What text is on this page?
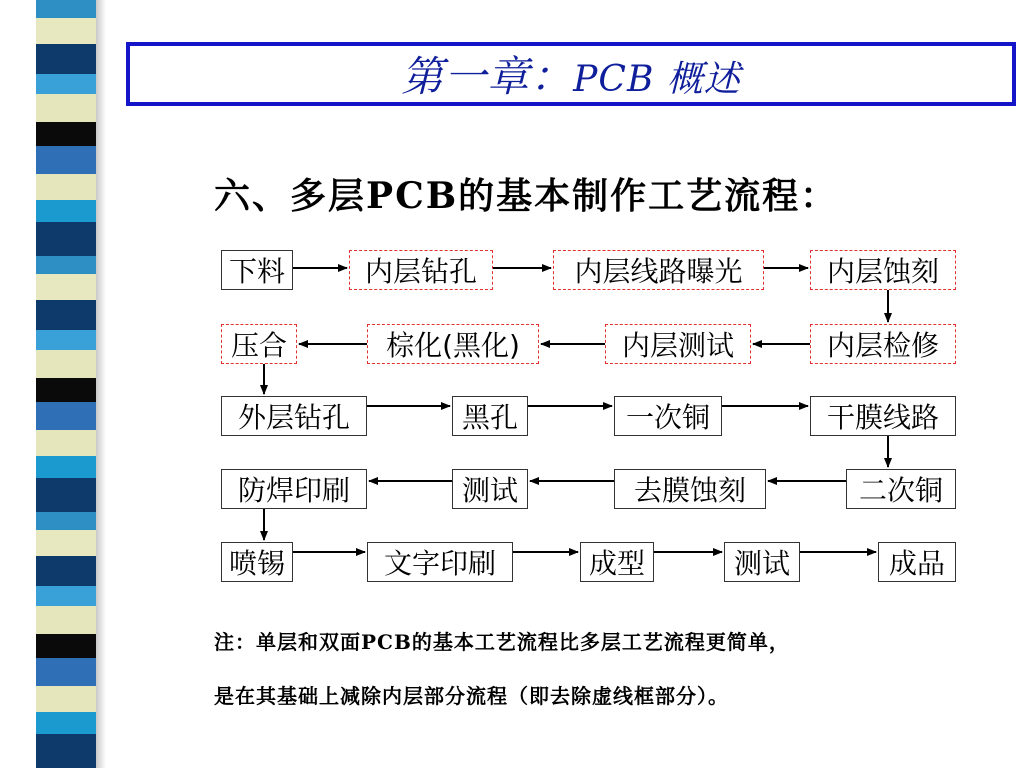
第一章：PCB 概述
六、多层PCB的基本制作工艺流程：
下料	内层钻孔	内层线路曝光	内层蚀刻
压合	棕化(黑化)	内层测试	内层检修
外层钻孔	黑孔	一次铜	干膜线路
防焊印刷	测试	去膜蚀刻	二次铜
喷锡	文字印刷	成型	测试	成品
注：单层和双面PCB的基本工艺流程比多层工艺流程更简单，
是在其基础上减除内层部分流程（即去除虚线框部分）。
